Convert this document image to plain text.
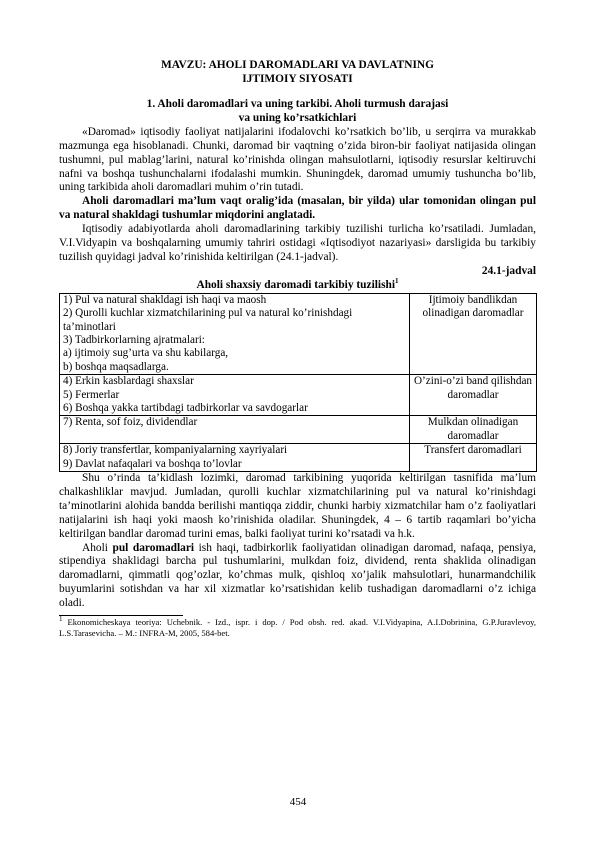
MAVZU: AHOLI DAROMADLARI VA DAVLATNING
IJTIMOIY SIYOSATI
1. Aholi daromadlari va uning tarkibi. Aholi turmush darajasi
va uning ko’rsatkichlari

«Daromad» iqtisodiy faoliyat natijalarini ifodalovchi ko’rsatkich bo’lib, u serqirra va murakkab mazmunga ega hisoblanadi. Chunki, daromad bir vaqtning o’zida biron-bir faoliyat natijasida olingan tushumni, pul mablag’larini, natural ko’rinishda olingan mahsulotlarni, iqtisodiy resurslar keltiruvchi nafni va boshqa tushunchalarni ifodalashi mumkin. Shuningdek, daromad umumiy tushuncha bo’lib, uning tarkibida aholi daromadlari muhim o’rin tutadi.

Aholi daromadlari ma’lum vaqt oralig’ida (masalan, bir yilda) ular tomonidan olingan pul va natural shakldagi tushumlar miqdorini anglatadi.

Iqtisodiy adabiyotlarda aholi daromadlarining tarkibiy tuzilishi turlicha ko’rsatiladi. Jumladan, V.I.Vidyapin va boshqalarning umumiy tahriri ostidagi «Iqtisodiyot nazariyasi» darsligida bu tarkibiy tuzilish quyidagi jadval ko’rinishida keltirilgan (24.1-jadval).

24.1-jadval
Aholi shaxsiy daromadi tarkibiy tuzilishi$^1$
1) Pul va natural shakldagi ish haqi va maosh
2) Qurolli kuchlar xizmatchilarining pul va natural ko’rinishdagi ta’minotlari
3) Tadbirkorlarning ajratmalari:
a) ijtimoiy sug’urta va shu kabilarga,
b) boshqa maqsadlarga.	Ijtimoiy bandlikdan olinadigan daromadlar

4) Erkin kasblardagi shaxslar
5) Fermerlar
6) Boshqa yakka tartibdagi tadbirkorlar va savdogarlar	O’zini-o’zi band qilishdan daromadlar

7) Renta, sof foiz, dividendlar	Mulkdan olinadigan daromadlar

8) Joriy transfertlar, kompaniyalarning xayriyalari
9) Davlat nafaqalari va boshqa to’lovlar	Transfert daromadlari

Shu o’rinda ta’kidlash lozimki, daromad tarkibining yuqorida keltirilgan tasnifida ma’lum chalkashliklar mavjud. Jumladan, qurolli kuchlar xizmatchilarining pul va natural ko’rinishdagi ta’minotlarini alohida bandda berilishi mantiqqa ziddir, chunki harbiy xizmatchilar ham o’z faoliyatlari natijalarini ish haqi yoki maosh ko’rinishida oladilar. Shuningdek, 4 – 6 tartib raqamlari bo’yicha keltirilgan bandlar daromad turini emas, balki faoliyat turini ko’rsatadi va h.k.

Aholi pul daromadlari ish haqi, tadbirkorlik faoliyatidan olinadigan daromad, nafaqa, pensiya, stipendiya shaklidagi barcha pul tushumlarini, mulkdan foiz, dividend, renta shaklida olinadigan daromadlarni, qimmatli qog’ozlar, ko’chmas mulk, qishloq xo’jalik mahsulotlari, hunarmandchilik buyumlarini sotishdan va har xil xizmatlar ko’rsatishidan kelib tushadigan daromadlarni o’z ichiga oladi.

$^1$ Ekonomicheskaya teoriya: Uchebnik. - Izd., ispr. i dop. / Pod obsh. red. akad. V.I.Vidyapina, A.I.Dobrinina, G.P.Juravlevoy, L.S.Tarasevicha. – M.: INFRA-M, 2005, 584-bet.
454
